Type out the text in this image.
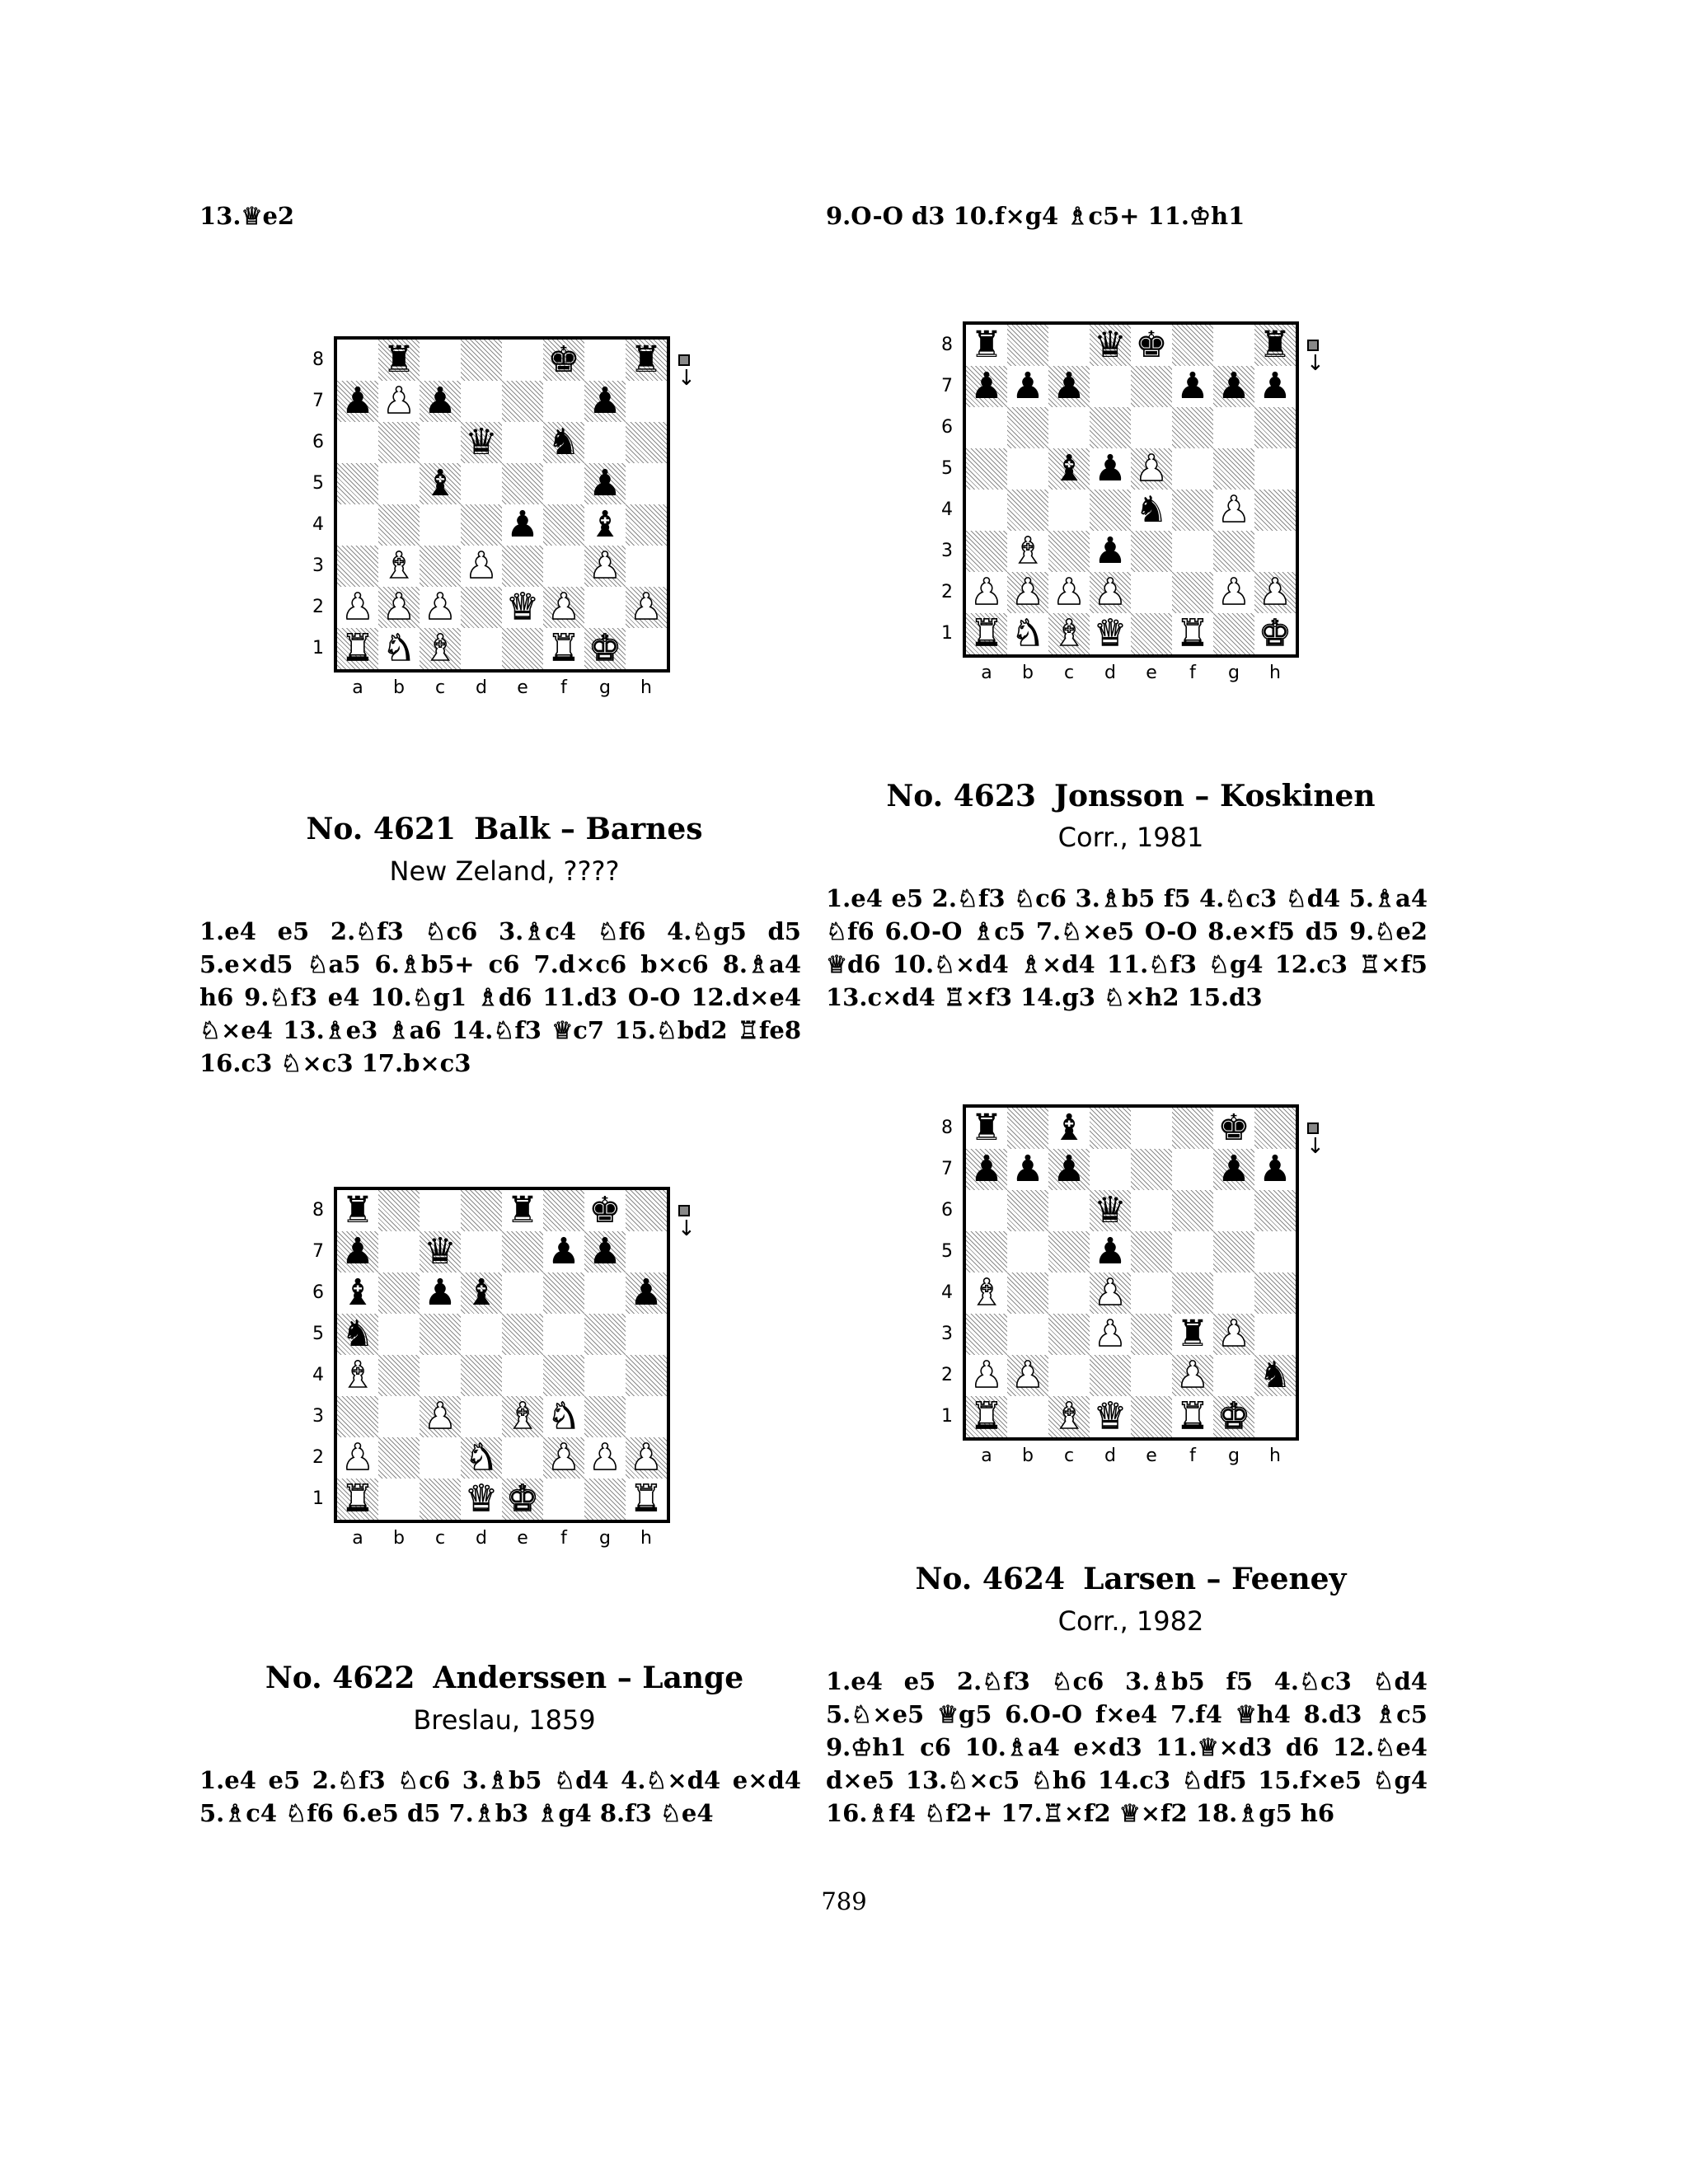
13.♕e2	9.O-O d3 10.f×g4 ♗c5+ 11.♔h1
♜	♚ ♜
♟ ♟ ♟	♟
♛ ♞
♝	♟
♟ ♝
♝ ♟	♟
♟ ♟ ♟ ♛ ♟ ♟
♜ ♞ ♝	♜ ♚
8
7
6
5
4
3
2
1
a	b	c	d	e	f	g	h
↓
No. 4621 Balk – Barnes
New Zeland, ????

1.e4 e5 2.♘f3 ♘c6 3.♗c4 ♘f6 4.♘g5 d5 5.e×d5 ♘a5 6.♗b5+ c6 7.d×c6 b×c6 8.♗a4 h6 9.♘f3 e4 10.♘g1 ♗d6 11.d3 O-O 12.d×e4 ♘×e4 13.♗e3 ♗a6 14.♘f3 ♕c7 15.♘bd2 ♖fe8 16.c3 ♘×c3 17.b×c3

♜	♛ ♚	♜
♟ ♟ ♟	♟ ♟ ♟
♝ ♟ ♟
♞ ♟
♝ ♟
♟ ♟ ♟ ♟	♟ ♟
♜ ♞ ♝ ♛ ♜ ♚
8
7
6
5
4
3
2
1
a	b	c	d	e	f	g	h
↓
No. 4623 Jonsson – Koskinen
Corr., 1981

1.e4 e5 2.♘f3 ♘c6 3.♗b5 f5 4.♘c3 ♘d4 5.♗a4 ♘f6 6.O-O ♗c5 7.♘×e5 O-O 8.e×f5 d5 9.♘e2 ♕d6 10.♘×d4 ♗×d4 11.♘f3 ♘g4 12.c3 ♖×f5 13.c×d4 ♖×f3 14.g3 ♘×h2 15.d3

♜	♜ ♚
♟ ♛	♟ ♟
♝ ♟ ♝	♟
♞
♝
♟ ♝ ♞
♟	♞ ♟ ♟ ♟
♜	♛ ♚	♜
8
7
6
5
4
3
2
1
a	b	c	d	e	f	g	h
↓
No. 4622 Anderssen – Lange
Breslau, 1859

1.e4 e5 2.♘f3 ♘c6 3.♗b5 ♘d4 4.♘×d4 e×d4 5.♗c4 ♘f6 6.e5 d5 7.♗b3 ♗g4 8.f3 ♘e4

♜ ♝	♚
♟ ♟ ♟	♟ ♟
♛
♟
♝	♟
♟ ♜ ♟
♟ ♟	♟ ♞
♜ ♝ ♛ ♜ ♚
8
7
6
5
4
3
2
1
a	b	c	d	e	f	g	h
↓
No. 4624 Larsen – Feeney
Corr., 1982

1.e4 e5 2.♘f3 ♘c6 3.♗b5 f5 4.♘c3 ♘d4 5.♘×e5 ♕g5 6.O-O f×e4 7.f4 ♕h4 8.d3 ♗c5 9.♔h1 c6 10.♗a4 e×d3 11.♕×d3 d6 12.♘e4 d×e5 13.♘×c5 ♘h6 14.c3 ♘df5 15.f×e5 ♘g4 16.♗f4 ♘f2+ 17.♖×f2 ♕×f2 18.♗g5 h6

789
